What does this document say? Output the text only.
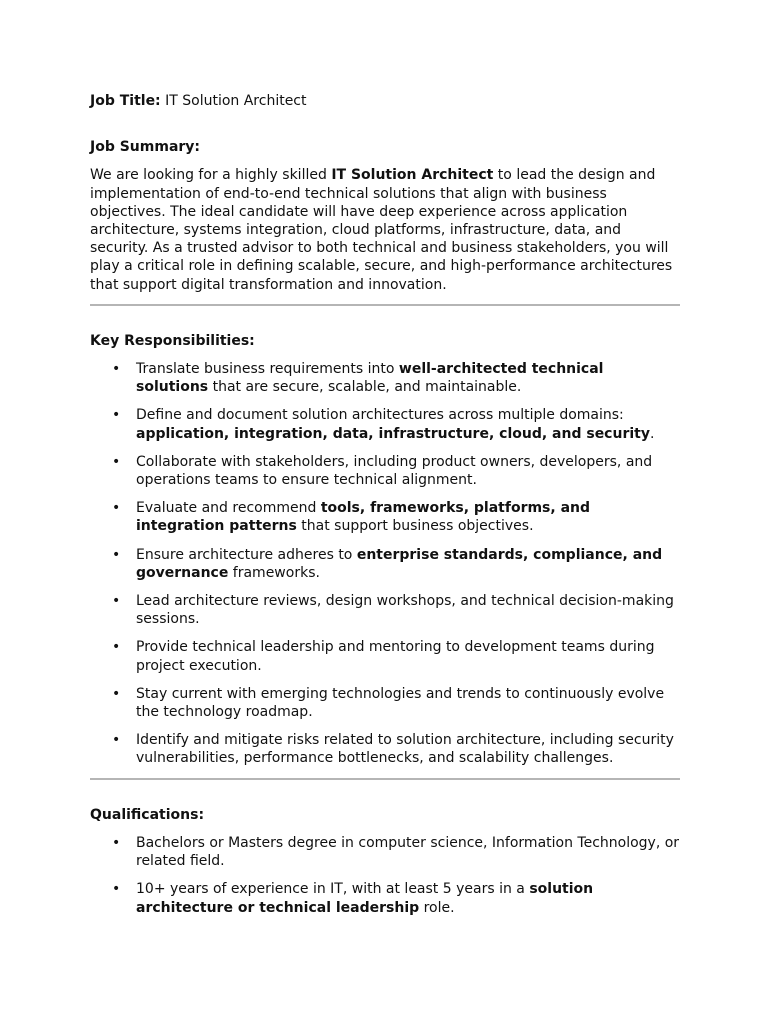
Job Title: IT Solution Architect

Job Summary:

We are looking for a highly skilled IT Solution Architect to lead the design and implementation of end-to-end technical solutions that align with business objectives. The ideal candidate will have deep experience across application architecture, systems integration, cloud platforms, infrastructure, data, and security. As a trusted advisor to both technical and business stakeholders, you will play a critical role in defining scalable, secure, and high-performance architectures that support digital transformation and innovation.

Key Responsibilities:

• Translate business requirements into well-architected technical solutions that are secure, scalable, and maintainable.
• Define and document solution architectures across multiple domains: application, integration, data, infrastructure, cloud, and security.
• Collaborate with stakeholders, including product owners, developers, and operations teams to ensure technical alignment.
• Evaluate and recommend tools, frameworks, platforms, and integration patterns that support business objectives.
• Ensure architecture adheres to enterprise standards, compliance, and governance frameworks.
• Lead architecture reviews, design workshops, and technical decision-making sessions.
• Provide technical leadership and mentoring to development teams during project execution.
• Stay current with emerging technologies and trends to continuously evolve the technology roadmap.
• Identify and mitigate risks related to solution architecture, including security vulnerabilities, performance bottlenecks, and scalability challenges.

Qualifications:

• Bachelors or Masters degree in computer science, Information Technology, or related field.
• 10+ years of experience in IT, with at least 5 years in a solution architecture or technical leadership role.
